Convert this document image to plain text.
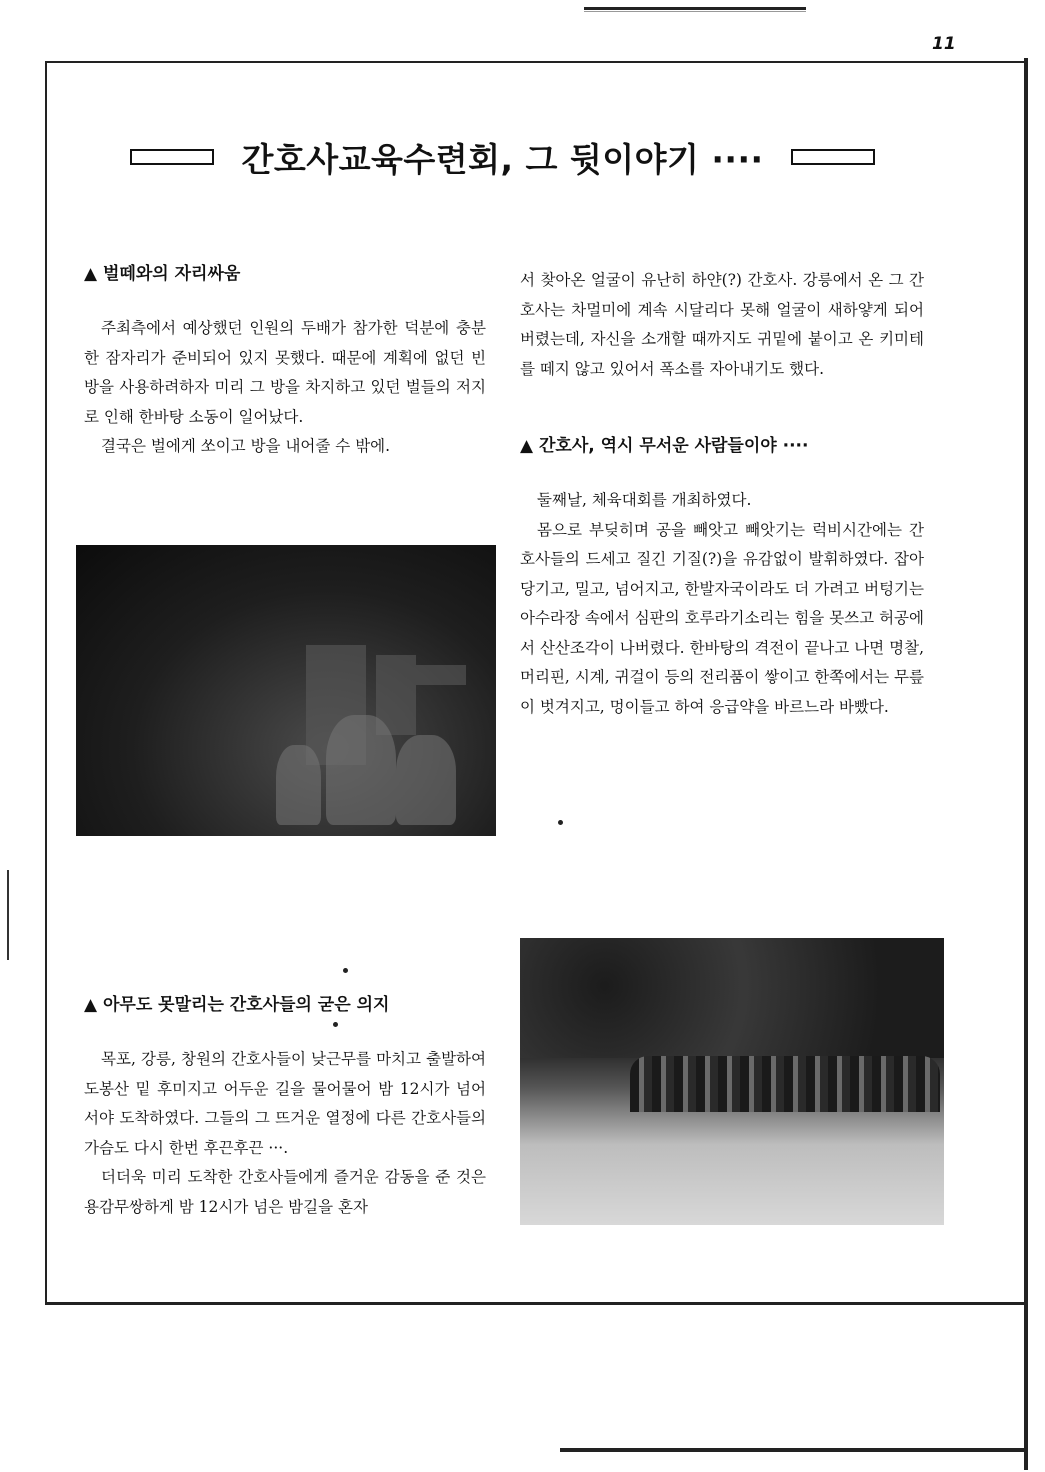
11
간호사교육수련회, 그 뒷이야기 ····
▲ 벌떼와의 자리싸움

주최측에서 예상했던 인원의 두배가 참가한 덕분에 충분한 잠자리가 준비되어 있지 못했다. 때문에 계획에 없던 빈방을 사용하려하자 미리 그 방을 차지하고 있던 벌들의 저지로 인해 한바탕 소동이 일어났다.

결국은 벌에게 쏘이고 방을 내어줄 수 밖에.

서 찾아온 얼굴이 유난히 하얀(?) 간호사. 강릉에서 온 그 간호사는 차멀미에 계속 시달리다 못해 얼굴이 새하얗게 되어버렸는데, 자신을 소개할 때까지도 귀밑에 붙이고 온 키미테를 떼지 않고 있어서 폭소를 자아내기도 했다.

▲ 간호사, 역시 무서운 사람들이야 ····

둘째날, 체육대회를 개최하였다.

몸으로 부딪히며 공을 빼앗고 빼앗기는 럭비시간에는 간호사들의 드세고 질긴 기질(?)을 유감없이 발휘하였다. 잡아당기고, 밀고, 넘어지고, 한발자국이라도 더 가려고 버텅기는 아수라장 속에서 심판의 호루라기소리는 힘을 못쓰고 허공에서 산산조각이 나버렸다. 한바탕의 격전이 끝나고 나면 명찰, 머리핀, 시계, 귀걸이 등의 전리품이 쌓이고 한쪽에서는 무릎이 벗겨지고, 멍이들고 하여 응급약을 바르느라 바빴다.

▲ 아무도 못말리는 간호사들의 굳은 의지

목포, 강릉, 창원의 간호사들이 낮근무를 마치고 출발하여 도봉산 밑 후미지고 어두운 길을 물어물어 밤 12시가 넘어서야 도착하였다. 그들의 그 뜨거운 열정에 다른 간호사들의 가슴도 다시 한번 후끈후끈 ···.

더더욱 미리 도착한 간호사들에게 즐거운 감동을 준 것은 용감무쌍하게 밤 12시가 넘은 밤길을 혼자
